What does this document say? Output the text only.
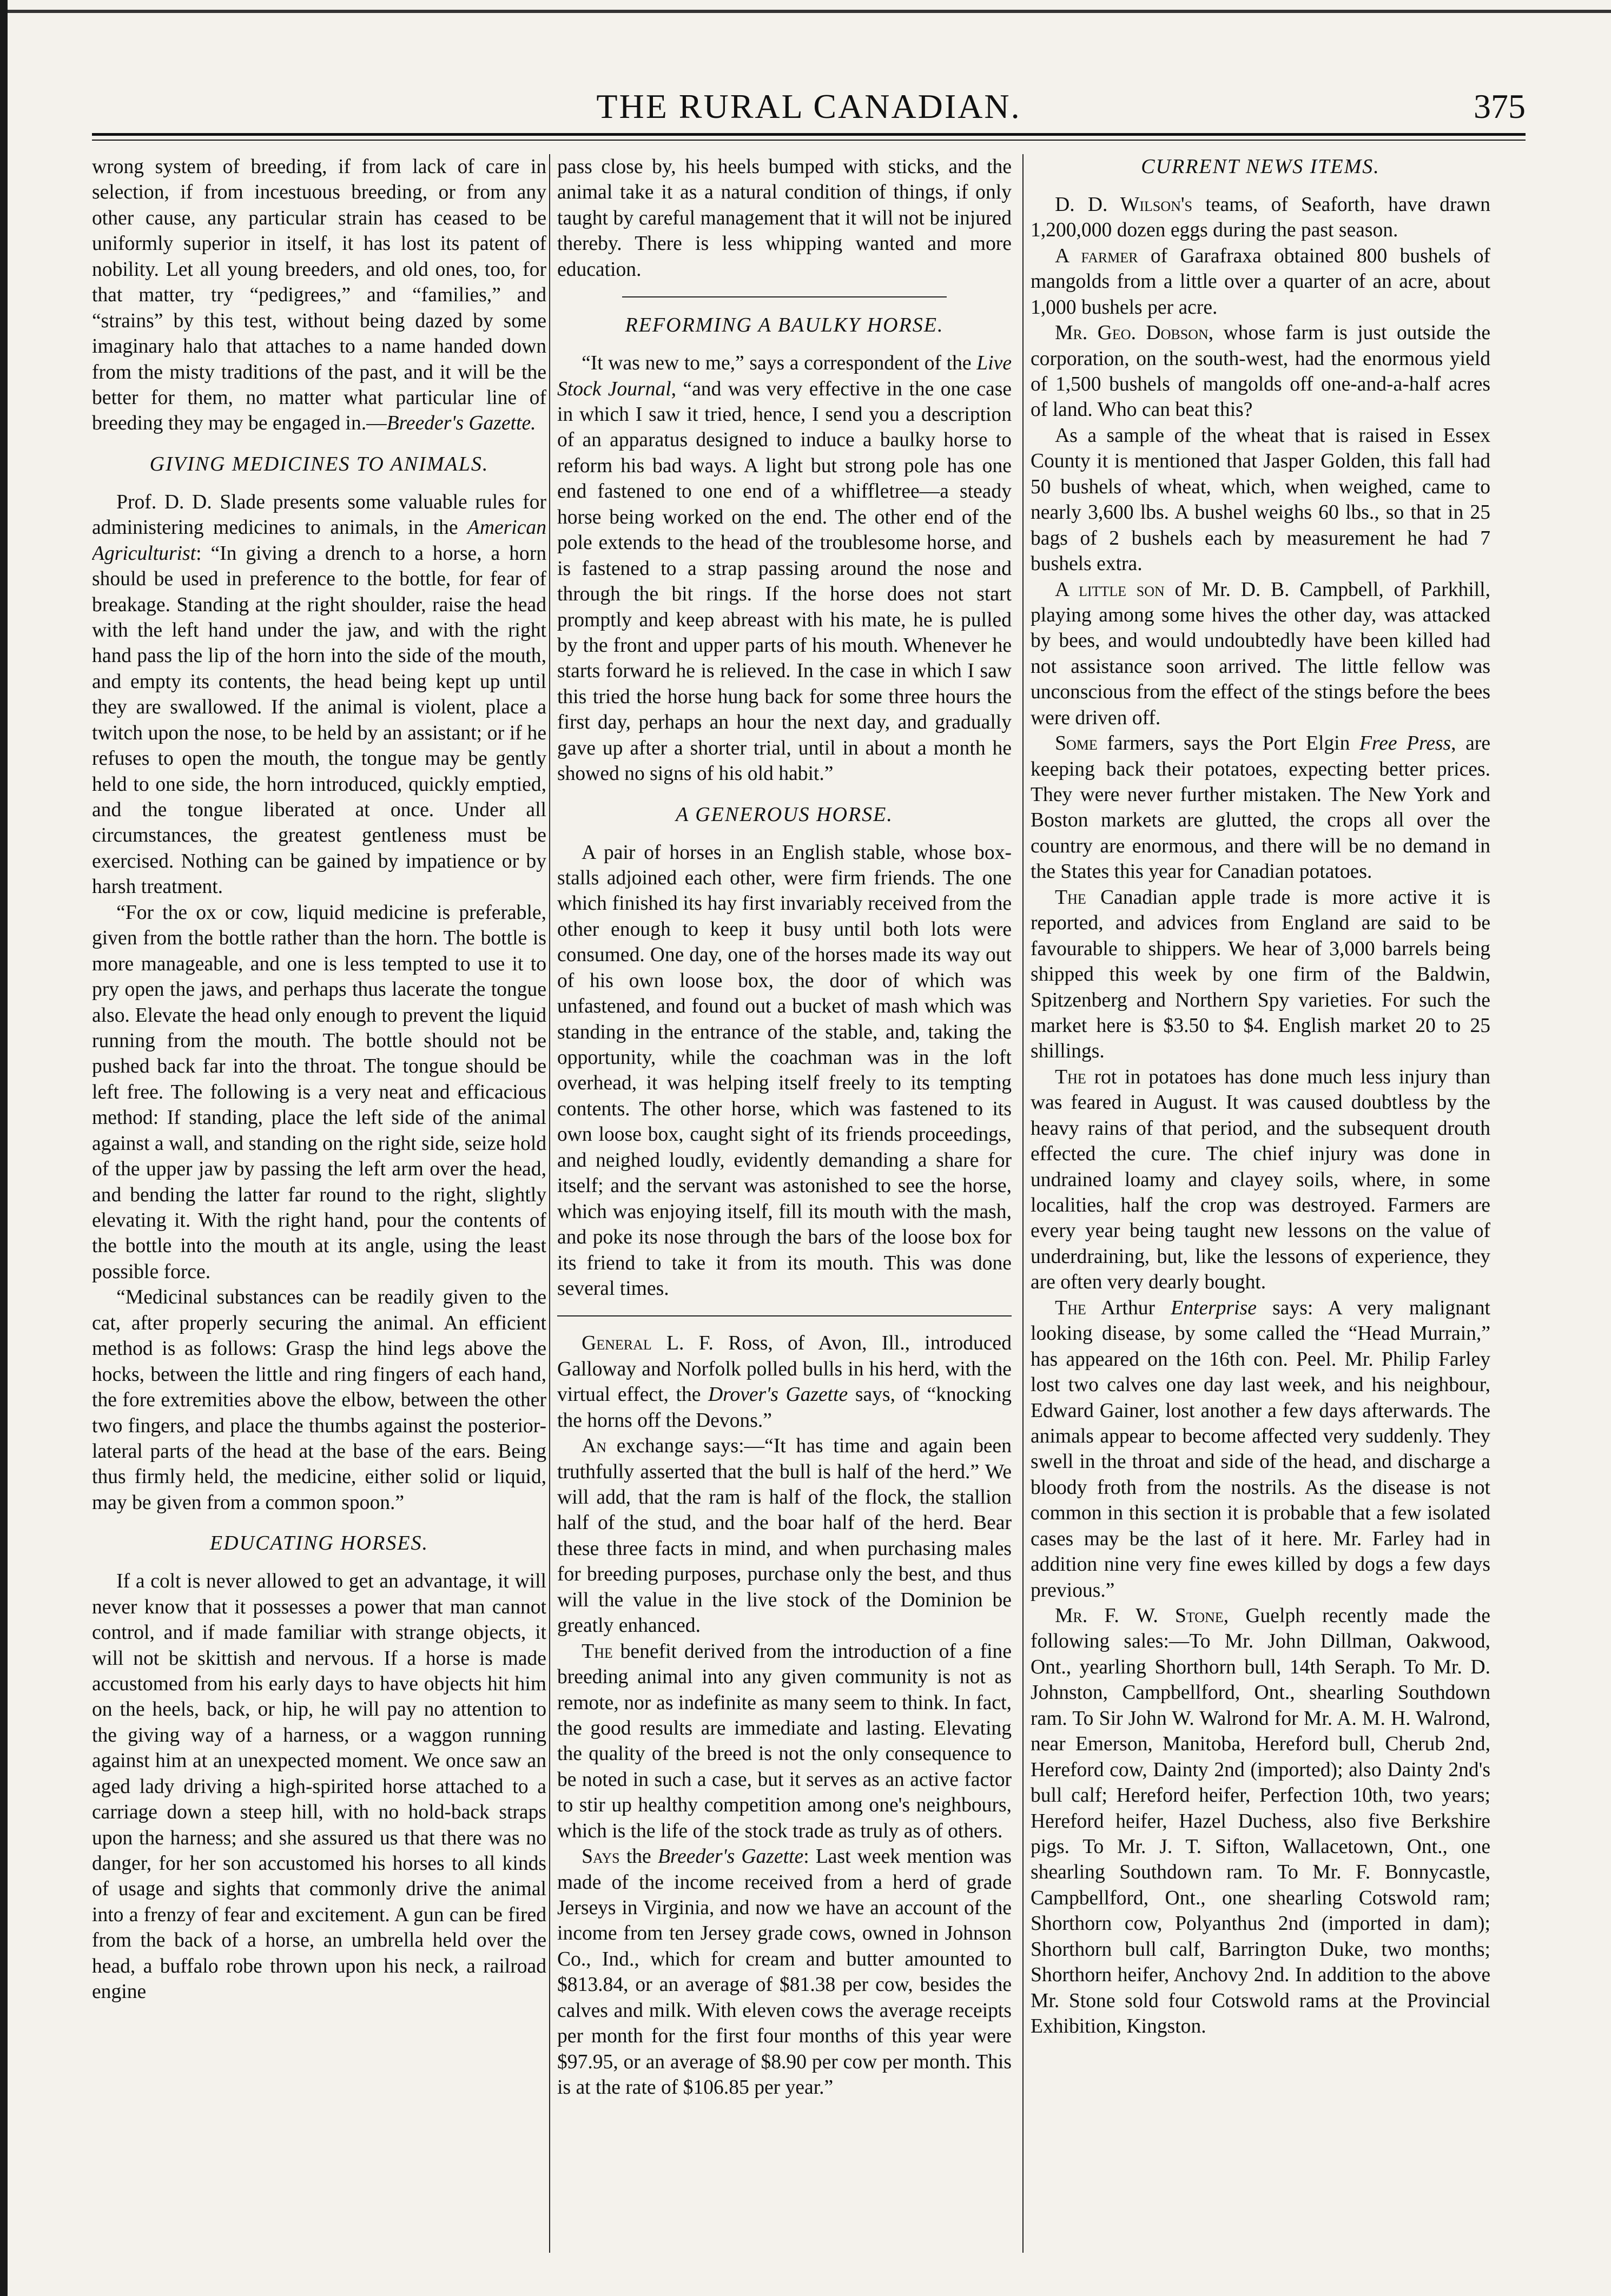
THE RURAL CANADIAN.	375

wrong system of breeding, if from lack of care in selection, if from incestuous breeding, or from any other cause, any particular strain has ceased to be uniformly superior in itself, it has lost its patent of nobility. Let all young breeders, and old ones, too, for that matter, try “pedigrees,” and “families,” and “strains” by this test, without being dazed by some imaginary halo that attaches to a name handed down from the misty traditions of the past, and it will be the better for them, no matter what particular line of breeding they may be engaged in.—Breeder's Gazette.

GIVING MEDICINES TO ANIMALS.

Prof. D. D. Slade presents some valuable rules for administering medicines to animals, in the American Agriculturist: “In giving a drench to a horse, a horn should be used in preference to the bottle, for fear of breakage. Standing at the right shoulder, raise the head with the left hand under the jaw, and with the right hand pass the lip of the horn into the side of the mouth, and empty its contents, the head being kept up until they are swallowed. If the animal is violent, place a twitch upon the nose, to be held by an assistant; or if he refuses to open the mouth, the tongue may be gently held to one side, the horn introduced, quickly emptied, and the tongue liberated at once. Under all circumstances, the greatest gentleness must be exercised. Nothing can be gained by impatience or by harsh treatment.

“For the ox or cow, liquid medicine is preferable, given from the bottle rather than the horn. The bottle is more manageable, and one is less tempted to use it to pry open the jaws, and perhaps thus lacerate the tongue also. Elevate the head only enough to prevent the liquid running from the mouth. The bottle should not be pushed back far into the throat. The tongue should be left free. The following is a very neat and efficacious method: If standing, place the left side of the animal against a wall, and standing on the right side, seize hold of the upper jaw by passing the left arm over the head, and bending the latter far round to the right, slightly elevating it. With the right hand, pour the contents of the bottle into the mouth at its angle, using the least possible force.

“Medicinal substances can be readily given to the cat, after properly securing the animal. An efficient method is as follows: Grasp the hind legs above the hocks, between the little and ring fingers of each hand, the fore extremities above the elbow, between the other two fingers, and place the thumbs against the posterior-lateral parts of the head at the base of the ears. Being thus firmly held, the medicine, either solid or liquid, may be given from a common spoon.”

EDUCATING HORSES.

If a colt is never allowed to get an advantage, it will never know that it possesses a power that man cannot control, and if made familiar with strange objects, it will not be skittish and nervous. If a horse is made accustomed from his early days to have objects hit him on the heels, back, or hip, he will pay no attention to the giving way of a harness, or a waggon running against him at an unexpected moment. We once saw an aged lady driving a high-spirited horse attached to a carriage down a steep hill, with no hold-back straps upon the harness; and she assured us that there was no danger, for her son accustomed his horses to all kinds of usage and sights that commonly drive the animal into a frenzy of fear and excitement. A gun can be fired from the back of a horse, an umbrella held over the head, a buffalo robe thrown upon his neck, a railroad engine

pass close by, his heels bumped with sticks, and the animal take it as a natural condition of things, if only taught by careful management that it will not be injured thereby. There is less whipping wanted and more education.

REFORMING A BAULKY HORSE.

“It was new to me,” says a correspondent of the Live Stock Journal, “and was very effective in the one case in which I saw it tried, hence, I send you a description of an apparatus designed to induce a baulky horse to reform his bad ways. A light but strong pole has one end fastened to one end of a whiffletree—a steady horse being worked on the end. The other end of the pole extends to the head of the troublesome horse, and is fastened to a strap passing around the nose and through the bit rings. If the horse does not start promptly and keep abreast with his mate, he is pulled by the front and upper parts of his mouth. Whenever he starts forward he is relieved. In the case in which I saw this tried the horse hung back for some three hours the first day, perhaps an hour the next day, and gradually gave up after a shorter trial, until in about a month he showed no signs of his old habit.”

A GENEROUS HORSE.

A pair of horses in an English stable, whose box-stalls adjoined each other, were firm friends. The one which finished its hay first invariably received from the other enough to keep it busy until both lots were consumed. One day, one of the horses made its way out of his own loose box, the door of which was unfastened, and found out a bucket of mash which was standing in the entrance of the stable, and, taking the opportunity, while the coachman was in the loft overhead, it was helping itself freely to its tempting contents. The other horse, which was fastened to its own loose box, caught sight of its friends proceedings, and neighed loudly, evidently demanding a share for itself; and the servant was astonished to see the horse, which was enjoying itself, fill its mouth with the mash, and poke its nose through the bars of the loose box for its friend to take it from its mouth. This was done several times.

General L. F. Ross, of Avon, Ill., introduced Galloway and Norfolk polled bulls in his herd, with the virtual effect, the Drover's Gazette says, of “knocking the horns off the Devons.”

An exchange says:—“It has time and again been truthfully asserted that the bull is half of the herd.” We will add, that the ram is half of the flock, the stallion half of the stud, and the boar half of the herd. Bear these three facts in mind, and when purchasing males for breeding purposes, purchase only the best, and thus will the value in the live stock of the Dominion be greatly enhanced.

The benefit derived from the introduction of a fine breeding animal into any given community is not as remote, nor as indefinite as many seem to think. In fact, the good results are immediate and lasting. Elevating the quality of the breed is not the only consequence to be noted in such a case, but it serves as an active factor to stir up healthy competition among one's neighbours, which is the life of the stock trade as truly as of others.

Says the Breeder's Gazette: Last week mention was made of the income received from a herd of grade Jerseys in Virginia, and now we have an account of the income from ten Jersey grade cows, owned in Johnson Co., Ind., which for cream and butter amounted to $813.84, or an average of $81.38 per cow, besides the calves and milk. With eleven cows the average receipts per month for the first four months of this year were $97.95, or an average of $8.90 per cow per month. This is at the rate of $106.85 per year.”

CURRENT NEWS ITEMS.

D. D. Wilson's teams, of Seaforth, have drawn 1,200,000 dozen eggs during the past season.

A farmer of Garafraxa obtained 800 bushels of mangolds from a little over a quarter of an acre, about 1,000 bushels per acre.

Mr. Geo. Dobson, whose farm is just outside the corporation, on the south-west, had the enormous yield of 1,500 bushels of mangolds off one-and-a-half acres of land. Who can beat this?

As a sample of the wheat that is raised in Essex County it is mentioned that Jasper Golden, this fall had 50 bushels of wheat, which, when weighed, came to nearly 3,600 lbs. A bushel weighs 60 lbs., so that in 25 bags of 2 bushels each by measurement he had 7 bushels extra.

A little son of Mr. D. B. Campbell, of Parkhill, playing among some hives the other day, was attacked by bees, and would undoubtedly have been killed had not assistance soon arrived. The little fellow was unconscious from the effect of the stings before the bees were driven off.

Some farmers, says the Port Elgin Free Press, are keeping back their potatoes, expecting better prices. They were never further mistaken. The New York and Boston markets are glutted, the crops all over the country are enormous, and there will be no demand in the States this year for Canadian potatoes.

The Canadian apple trade is more active it is reported, and advices from England are said to be favourable to shippers. We hear of 3,000 barrels being shipped this week by one firm of the Baldwin, Spitzenberg and Northern Spy varieties. For such the market here is $3.50 to $4. English market 20 to 25 shillings.

The rot in potatoes has done much less injury than was feared in August. It was caused doubtless by the heavy rains of that period, and the subsequent drouth effected the cure. The chief injury was done in undrained loamy and clayey soils, where, in some localities, half the crop was destroyed. Farmers are every year being taught new lessons on the value of underdraining, but, like the lessons of experience, they are often very dearly bought.

The Arthur Enterprise says: A very malignant looking disease, by some called the “Head Murrain,” has appeared on the 16th con. Peel. Mr. Philip Farley lost two calves one day last week, and his neighbour, Edward Gainer, lost another a few days afterwards. The animals appear to become affected very suddenly. They swell in the throat and side of the head, and discharge a bloody froth from the nostrils. As the disease is not common in this section it is probable that a few isolated cases may be the last of it here. Mr. Farley had in addition nine very fine ewes killed by dogs a few days previous.”

Mr. F. W. Stone, Guelph recently made the following sales:—To Mr. John Dillman, Oakwood, Ont., yearling Shorthorn bull, 14th Seraph. To Mr. D. Johnston, Campbellford, Ont., shearling Southdown ram. To Sir John W. Walrond for Mr. A. M. H. Walrond, near Emerson, Manitoba, Hereford bull, Cherub 2nd, Hereford cow, Dainty 2nd (imported); also Dainty 2nd's bull calf; Hereford heifer, Perfection 10th, two years; Hereford heifer, Hazel Duchess, also five Berkshire pigs. To Mr. J. T. Sifton, Wallacetown, Ont., one shearling Southdown ram. To Mr. F. Bonnycastle, Campbellford, Ont., one shearling Cotswold ram; Shorthorn cow, Polyanthus 2nd (imported in dam); Shorthorn bull calf, Barrington Duke, two months; Shorthorn heifer, Anchovy 2nd. In addition to the above Mr. Stone sold four Cotswold rams at the Provincial Exhibition, Kingston.
